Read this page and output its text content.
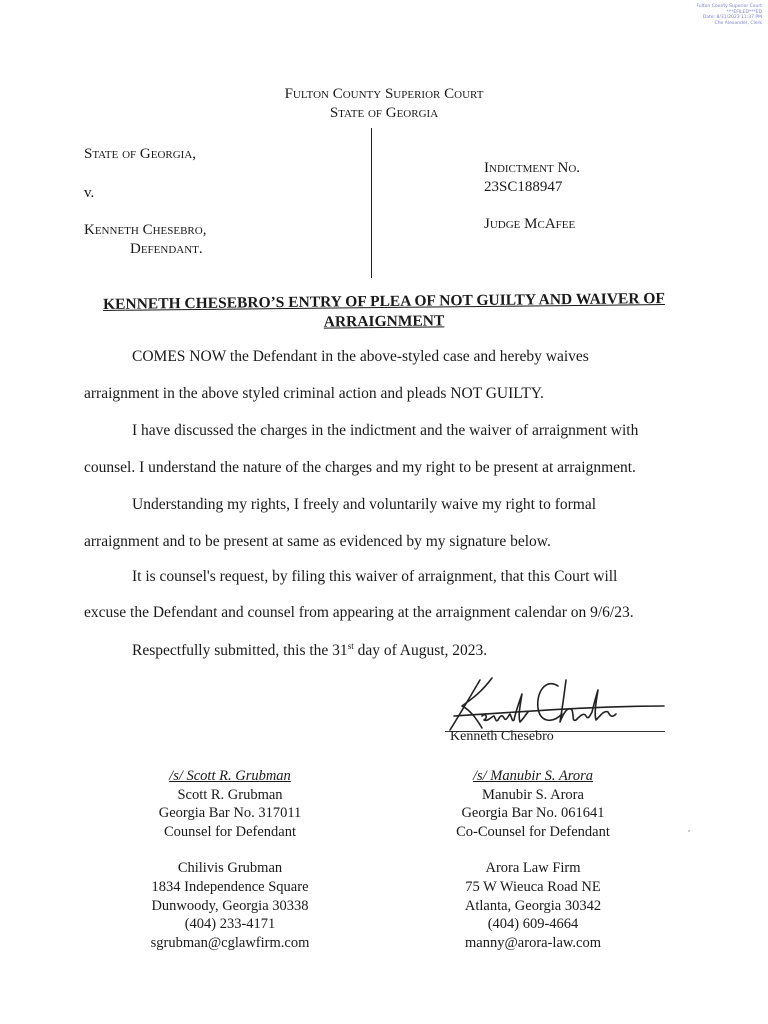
Fulton County Superior Court
***EFILED***ED
Date: 8/31/2023 11:37 PM
Che Alexander, Clerk
Fulton County Superior Court
State of Georgia
State of Georgia,
v.
Kenneth Chesebro,
Defendant.
Indictment No.
23SC188947
Judge McAfee
KENNETH CHESEBRO’S ENTRY OF PLEA OF NOT GUILTY AND WAIVER OF
ARRAIGNMENT
COMES NOW the Defendant in the above-styled case and hereby waives
arraignment in the above styled criminal action and pleads NOT GUILTY.
I have discussed the charges in the indictment and the waiver of arraignment with
counsel. I understand the nature of the charges and my right to be present at arraignment.
Understanding my rights, I freely and voluntarily waive my right to formal
arraignment and to be present at same as evidenced by my signature below.
It is counsel's request, by filing this waiver of arraignment, that this Court will
excuse the Defendant and counsel from appearing at the arraignment calendar on 9/6/23.
Respectfully submitted, this the 31st day of August, 2023.
Kenneth Chesebro
/s/ Scott R. Grubman
Scott R. Grubman
Georgia Bar No. 317011
Counsel for Defendant
Chilivis Grubman
1834 Independence Square
Dunwoody, Georgia 30338
(404) 233-4171
sgrubman@cglawfirm.com
/s/ Manubir S. Arora
Manubir S. Arora
Georgia Bar No. 061641
Co-Counsel for Defendant
Arora Law Firm
75 W Wieuca Road NE
Atlanta, Georgia 30342
(404) 609-4664
manny@arora-law.com
